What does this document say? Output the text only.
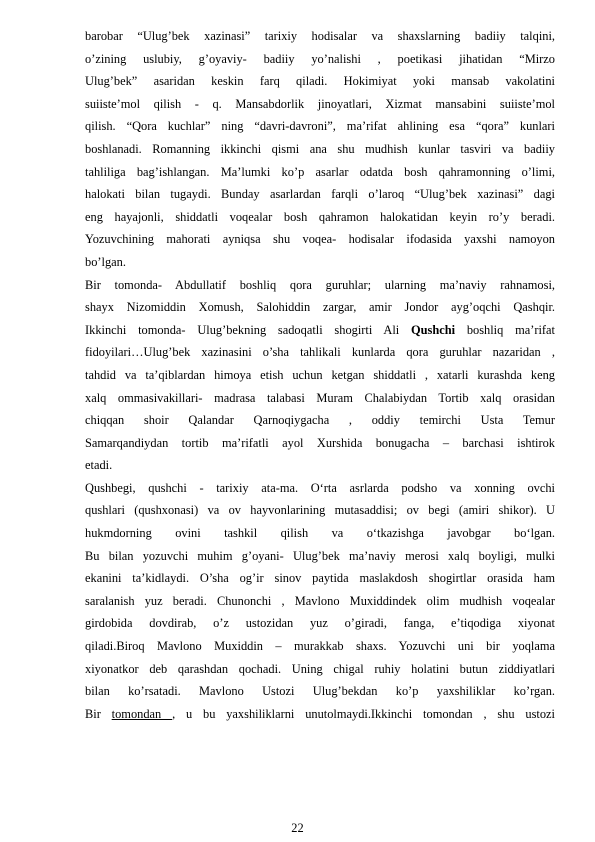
barobar “Ulug’bek xazinasi” tarixiy hodisalar va shaxslarning badiiy talqini,
o’zining uslubiy, g’oyaviy- badiiy yo’nalishi , poetikasi jihatidan “Mirzo
Ulug’bek” asaridan keskin farq qiladi. Hokimiyat yoki mansab vakolatini
suiisteʼmol qilish - q. Mansabdorlik jinoyatlari, Xizmat mansabini suiisteʼmol
qilish. “Qora kuchlar” ning “davri-davroni”, ma’rifat ahlining esa “qora” kunlari
boshlanadi. Romanning ikkinchi qismi ana shu mudhish kunlar tasviri va badiiy
tahliliga bag’ishlangan. Ma’lumki ko’p asarlar odatda bosh qahramonning o’limi,
halokati bilan tugaydi. Bunday asarlardan farqli o’laroq “Ulug’bek xazinasi” dagi
eng hayajonli, shiddatli voqealar bosh qahramon halokatidan keyin ro’y beradi.
Yozuvchining mahorati ayniqsa shu voqea- hodisalar ifodasida yaxshi namoyon
bo’lgan.
Bir tomonda- Abdullatif boshliq qora guruhlar; ularning ma’naviy rahnamosi,
shayx Nizomiddin Xomush, Salohiddin zargar, amir Jondor ayg’oqchi Qashqir.
Ikkinchi tomonda- Ulug’bekning sadoqatli shogirti Ali Qushchi boshliq ma’rifat
fidoyilari…Ulug’bek xazinasini o’sha tahlikali kunlarda qora guruhlar nazaridan ,
tahdid va ta’qiblardan himoya etish uchun ketgan shiddatli , xatarli kurashda keng
xalq ommasivakillari- madrasa talabasi Muram Chalabiydan Tortib xalq orasidan
chiqqan shoir Qalandar Qarnoqiygacha , oddiy temirchi Usta Temur
Samarqandiydan tortib ma’rifatli ayol Xurshida bonugacha – barchasi ishtirok
etadi.
Qushbegi, qushchi - tarixiy ata-ma. Oʻrta asrlarda podsho va xonning ovchi
qushlari (qushxonasi) va ov hayvonlarining mutasaddisi; ov begi (amiri shikor). U
hukmdorning ovini tashkil qilish va oʻtkazishga javobgar boʻlgan.
Bu bilan yozuvchi muhim g’oyani- Ulug’bek ma’naviy merosi xalq boyligi, mulki
ekanini ta’kidlaydi. O’sha og’ir sinov paytida maslakdosh shogirtlar orasida ham
saralanish yuz beradi. Chunonchi , Mavlono Muxiddindek olim mudhish voqealar
girdobida dovdirab, o’z ustozidan yuz o’giradi, fanga, e’tiqodiga xiyonat
qiladi.Biroq Mavlono Muxiddin – murakkab shaxs. Yozuvchi uni bir yoqlama
xiyonatkor deb qarashdan qochadi. Uning chigal ruhiy holatini butun ziddiyatlari
bilan ko’rsatadi. Mavlono Ustozi Ulug’bekdan ko’p yaxshiliklar ko’rgan.
Bir tomondan , u bu yaxshiliklarni unutolmaydi.Ikkinchi tomondan , shu ustozi
22
